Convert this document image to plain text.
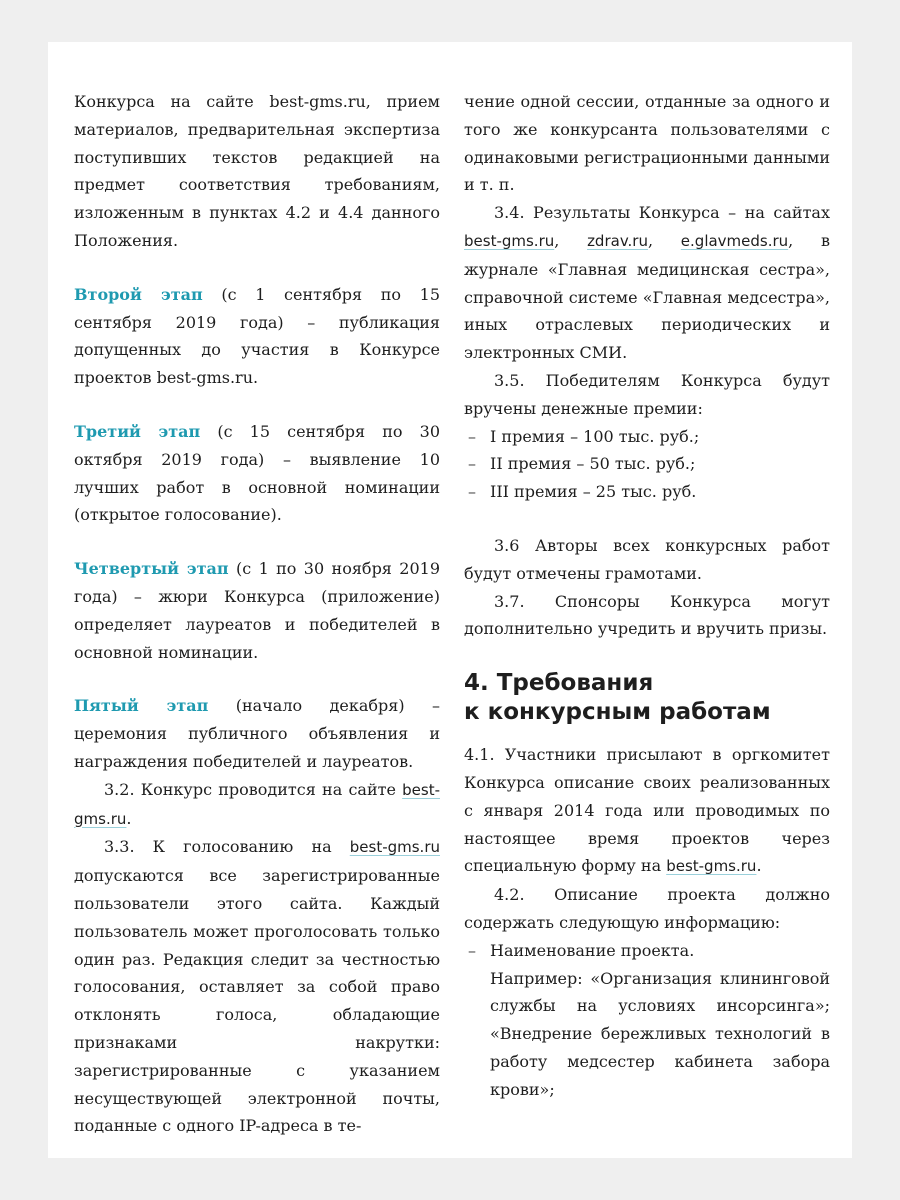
Конкурса на сайте best-gms.ru, прием материалов, предварительная экспертиза поступивших текстов редакцией на предмет соответствия требованиям, изложенным в пунктах 4.2 и 4.4 данного Положения.

Второй этап (с 1 сентября по 15 сентября 2019 года) – публикация допущенных до участия в Конкурсе проектов best-gms.ru.

Третий этап (с 15 сентября по 30 октября 2019 года) – выявление 10 лучших работ в основной номинации (открытое голосование).

Четвертый этап (с 1 по 30 ноября 2019 года) – жюри Конкурса (приложение) определяет лауреатов и победителей в основной номинации.

Пятый этап (начало декабря) – церемония публичного объявления и награждения победителей и лауреатов.

3.2. Конкурс проводится на сайте best-gms.ru.

3.3. К голосованию на best-gms.ru допускаются все зарегистрированные пользователи этого сайта. Каждый пользователь может проголосовать только один раз. Редакция следит за честностью голосования, оставляет за собой право отклонять голоса, обладающие признаками накрутки: зарегистрированные с указанием несуществующей электронной почты, поданные с одного IP-адреса в те-

чение одной сессии, отданные за одного и того же конкурсанта пользователями с одинаковыми регистрационными данными и т. п.

3.4. Результаты Конкурса – на сайтах best-gms.ru, zdrav.ru, e.glavmeds.ru, в журнале «Главная медицинская сестра», справочной системе «Главная медсестра», иных отраслевых периодических и электронных СМИ.

3.5. Победителям Конкурса будут вручены денежные премии:

– I премия – 100 тыс. руб.;
– II премия – 50 тыс. руб.;
– III премия – 25 тыс. руб.

3.6 Авторы всех конкурсных работ будут отмечены грамотами.

3.7. Спонсоры Конкурса могут дополнительно учредить и вручить призы.

4. Требования
к конкурсным работам

4.1. Участники присылают в оргкомитет Конкурса описание своих реализованных с января 2014 года или проводимых по настоящее время проектов через специальную форму на best-gms.ru.

4.2. Описание проекта должно содержать следующую информацию:

– Наименование проекта.

Например: «Организация клининговой службы на условиях инсорсинга»; «Внедрение бережливых технологий в работу медсестер кабинета забора крови»;
